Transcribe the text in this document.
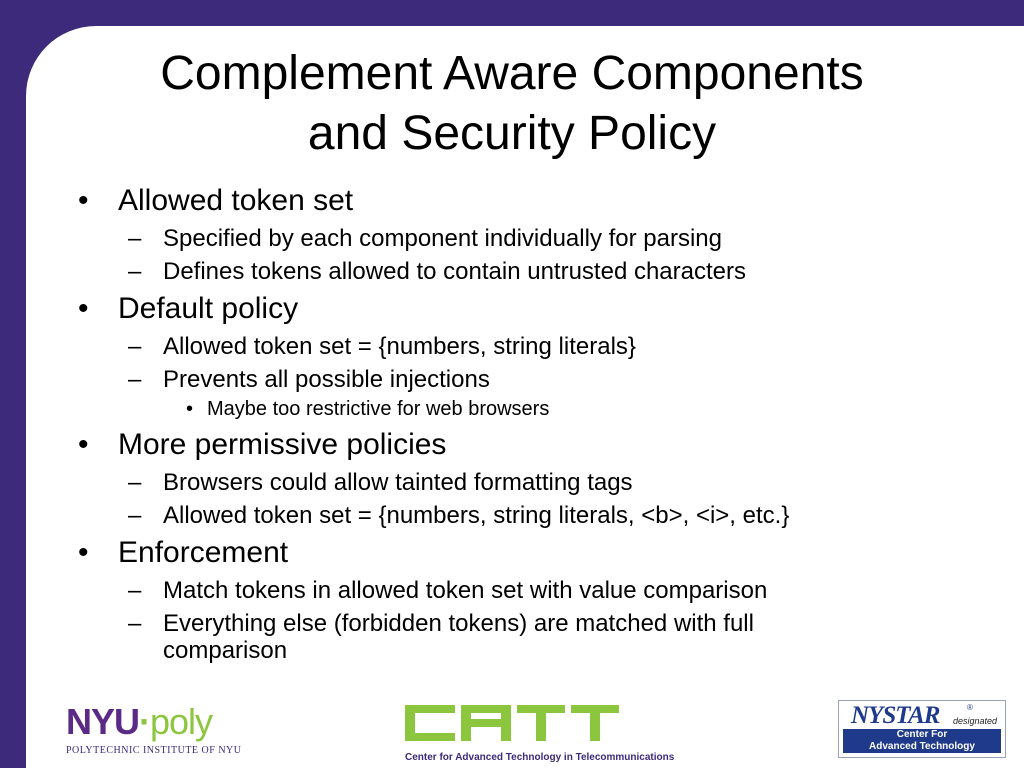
Complement Aware Components
and Security Policy
• Allowed token set
– Specified by each component individually for parsing
– Defines tokens allowed to contain untrusted characters
• Default policy
– Allowed token set = {numbers, string literals}
– Prevents all possible injections
• Maybe too restrictive for web browsers
• More permissive policies
– Browsers could allow tainted formatting tags
– Allowed token set = {numbers, string literals, <b>, <i>, etc.}
• Enforcement
– Match tokens in allowed token set with value comparison
– Everything else (forbidden tokens) are matched with full comparison
NYU·poly
POLYTECHNIC INSTITUTE OF NYU
Center for Advanced Technology in Telecommunications
NYSTAR	®
designated
Center For
Advanced Technology
